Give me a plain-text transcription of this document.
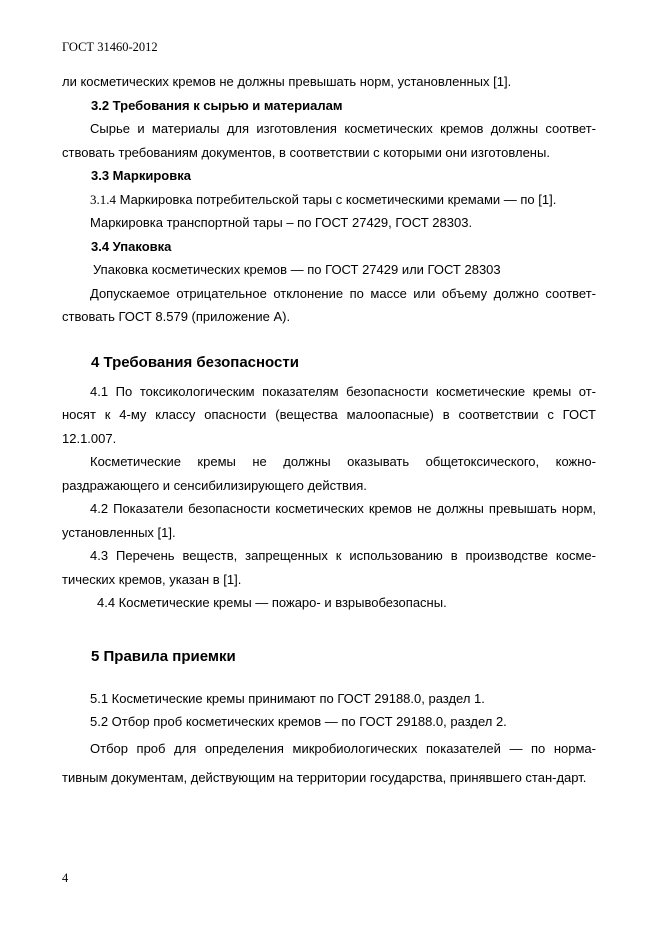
ГОСТ 31460-2012

ли косметических кремов не должны превышать норм, установленных [1].

3.2 Требования к сырью и материалам

Сырье и материалы для изготовления косметических кремов должны соответ-ствовать требованиям документов, в соответствии с которыми они изготовлены.

3.3 Маркировка

3.1.4 Маркировка потребительской тары с косметическими кремами — по [1].

Маркировка транспортной тары – по ГОСТ 27429, ГОСТ 28303.

3.4 Упаковка

Упаковка косметических кремов — по ГОСТ 27429 или ГОСТ 28303

Допускаемое отрицательное отклонение по массе или объему должно соответ-ствовать ГОСТ 8.579 (приложение А).

4 Требования безопасности

4.1 По токсикологическим показателям безопасности косметические кремы от-носят к 4-му классу опасности (вещества малоопасные) в соответствии с ГОСТ 12.1.007.

Косметические кремы не должны оказывать общетоксического, кожно-раздражающего и сенсибилизирующего действия.

4.2 Показатели безопасности косметических кремов не должны превышать норм, установленных [1].

4.3 Перечень веществ, запрещенных к использованию в производстве косме-тических кремов, указан в [1].

4.4 Косметические кремы — пожаро- и взрывобезопасны.

5 Правила приемки

5.1 Косметические кремы принимают по ГОСТ 29188.0, раздел 1.

5.2 Отбор проб косметических кремов — по ГОСТ 29188.0, раздел 2.

Отбор проб для определения микробиологических показателей — по норма-тивным документам, действующим на территории государства, принявшего стан-дарт.

4
